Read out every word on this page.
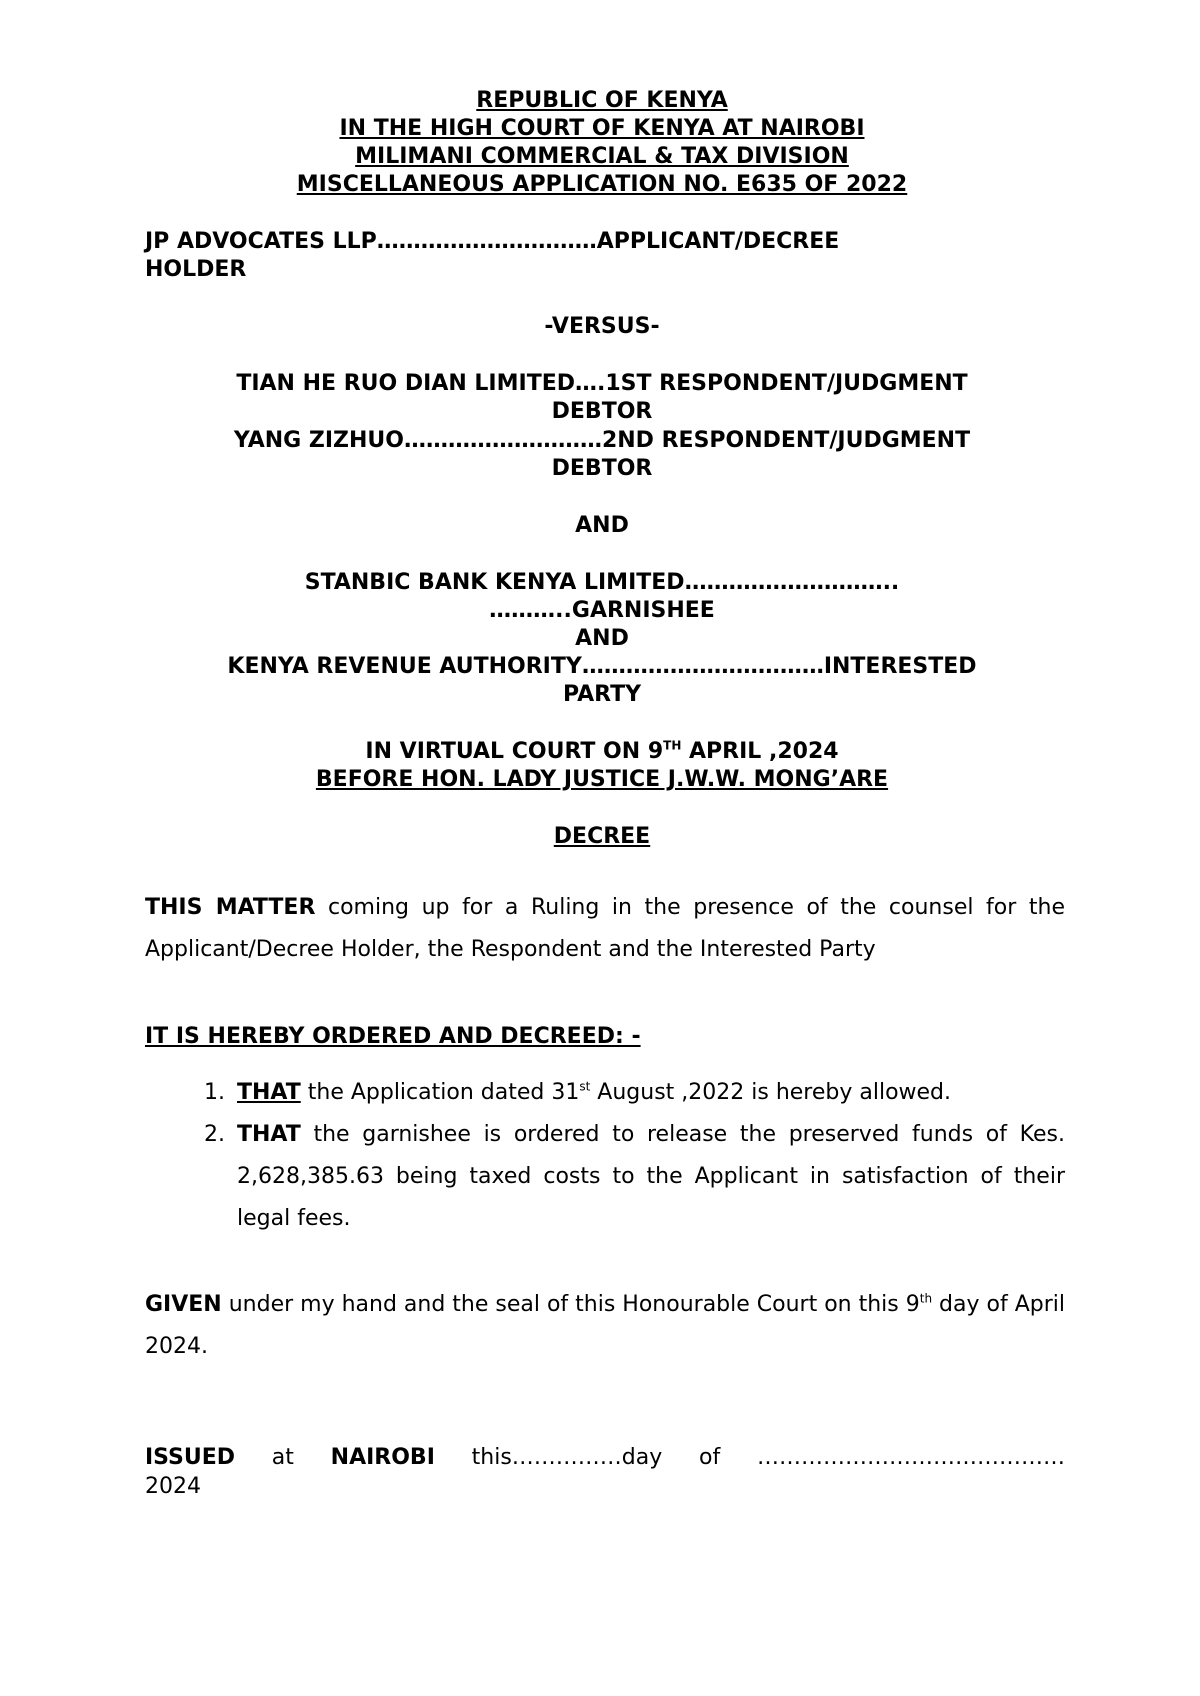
REPUBLIC OF KENYA

IN THE HIGH COURT OF KENYA AT NAIROBI

MILIMANI COMMERCIAL & TAX DIVISION

MISCELLANEOUS APPLICATION NO. E635 OF 2022

JP ADVOCATES LLP…………………………APPLICANT/DECREE

HOLDER

-VERSUS-

TIAN HE RUO DIAN LIMITED….1ST RESPONDENT/JUDGMENT

DEBTOR

YANG ZIZHUO………………………2ND RESPONDENT/JUDGMENT

DEBTOR

AND

STANBIC BANK KENYA LIMITED………………………..

………..GARNISHEE

AND

KENYA REVENUE AUTHORITY……………………………INTERESTED

PARTY

IN VIRTUAL COURT ON 9TH APRIL ,2024

BEFORE HON. LADY JUSTICE J.W.W. MONG’ARE

DECREE

THIS MATTER coming up for a Ruling in the presence of the counsel for the Applicant/Decree Holder, the Respondent and the Interested Party

IT IS HEREBY ORDERED AND DECREED: -

1. THAT the Application dated 31st August ,2022 is hereby allowed.
2. THAT the garnishee is ordered to release the preserved funds of Kes. 2,628,385.63 being taxed costs to the Applicant in satisfaction of their legal fees.

GIVEN under my hand and the seal of this Honourable Court on this 9th day of April 2024.

ISSUED at NAIROBI this……………day of ……………………………………

2024
